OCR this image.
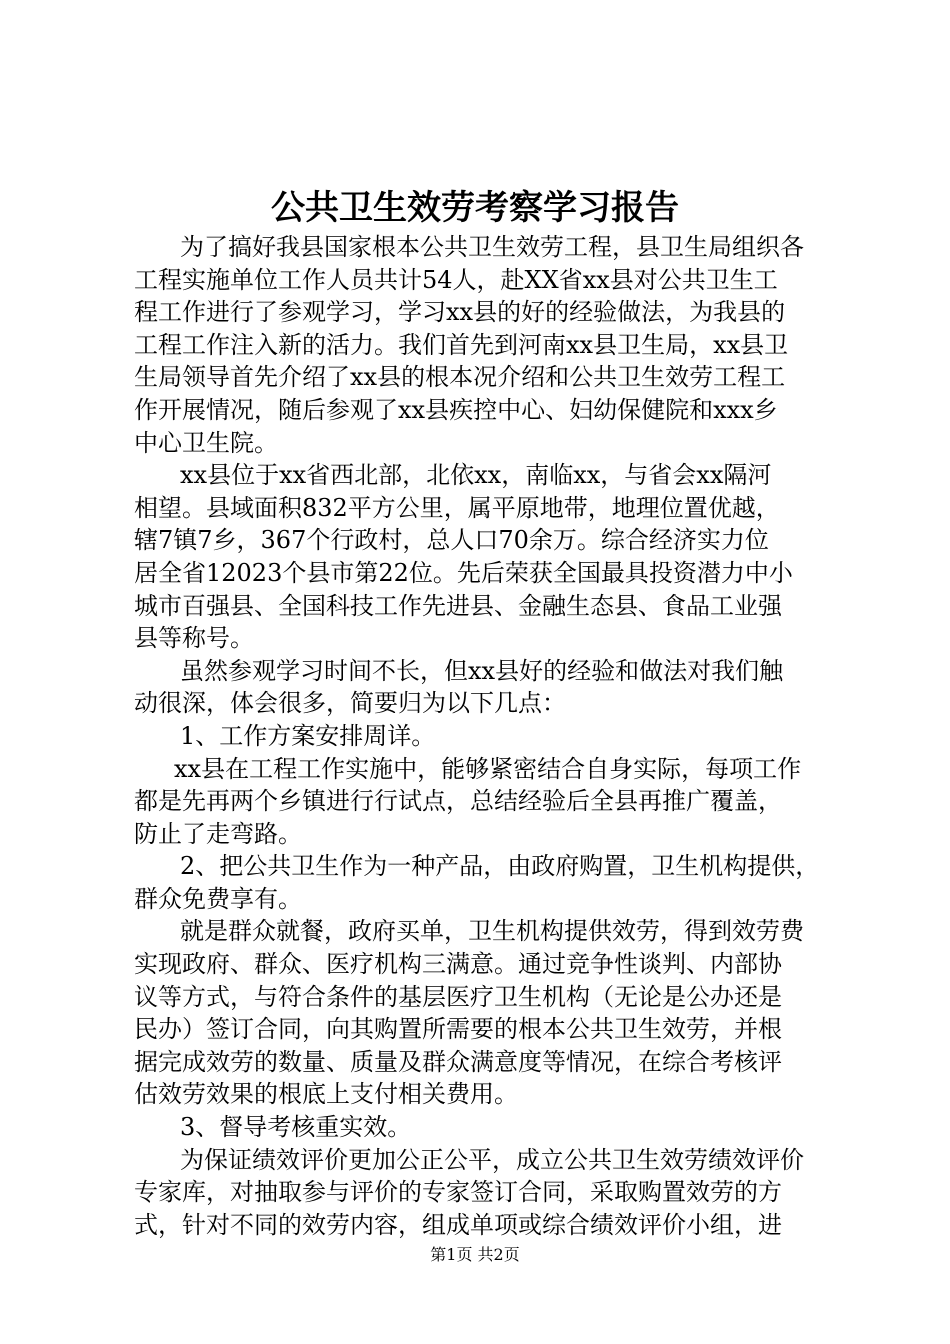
公共卫生效劳考察学习报告

为了搞好我县国家根本公共卫生效劳工程，县卫生局组织各

工程实施单位工作人员共计54人，赴XX省xx县对公共卫生工

程工作进行了参观学习，学习xx县的好的经验做法，为我县的

工程工作注入新的活力。我们首先到河南xx县卫生局，xx县卫

生局领导首先介绍了xx县的根本况介绍和公共卫生效劳工程工

作开展情况，随后参观了xx县疾控中心、妇幼保健院和xxx乡

中心卫生院。

xx县位于xx省西北部，北依xx，南临xx，与省会xx隔河

相望。县域面积832平方公里，属平原地带，地理位置优越，

辖7镇7乡，367个行政村，总人口70余万。综合经济实力位

居全省12023个县市第22位。先后荣获全国最具投资潜力中小

城市百强县、全国科技工作先进县、金融生态县、食品工业强

县等称号。

虽然参观学习时间不长，但xx县好的经验和做法对我们触

动很深，体会很多，简要归为以下几点：

1、工作方案安排周详。

xx县在工程工作实施中，能够紧密结合自身实际，每项工作

都是先再两个乡镇进行行试点，总结经验后全县再推广覆盖，

防止了走弯路。

2、把公共卫生作为一种产品，由政府购置，卫生机构提供，

群众免费享有。

就是群众就餐，政府买单，卫生机构提供效劳，得到效劳费

实现政府、群众、医疗机构三满意。通过竞争性谈判、内部协

议等方式，与符合条件的基层医疗卫生机构（无论是公办还是

民办）签订合同，向其购置所需要的根本公共卫生效劳，并根

据完成效劳的数量、质量及群众满意度等情况，在综合考核评

估效劳效果的根底上支付相关费用。

3、督导考核重实效。

为保证绩效评价更加公正公平，成立公共卫生效劳绩效评价

专家库，对抽取参与评价的专家签订合同，采取购置效劳的方

式，针对不同的效劳内容，组成单项或综合绩效评价小组，进

第1页 共2页
